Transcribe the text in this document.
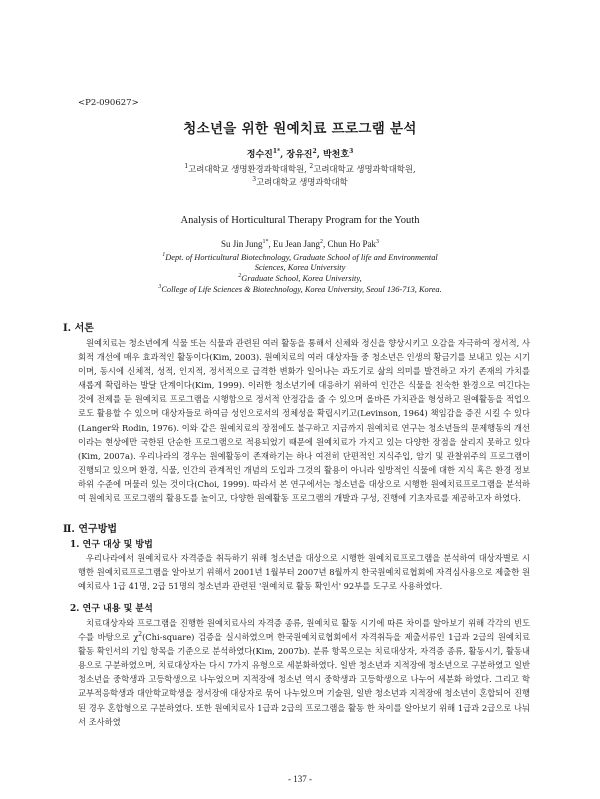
<P2-090627>
청소년을 위한 원예치료 프로그램 분석
정수진$^{1*}$, 장유진$^2$, 박천호$^3$
$^1$고려대학교 생명환경과학대학원, $^2$고려대학교 생명과학대학원,
$^3$고려대학교 생명과학대학
Analysis of Horticultural Therapy Program for the Youth
Su Jin Jung$^{1*}$, Eu Jean Jang$^2$, Chun Ho Pak$^3$
$^1$Dept. of Horticultural Biotechnology, Graduate School of life and Environmental
Sciences, Korea University
$^2$Graduate School, Korea University,
$^3$College of Life Sciences & Biotechnology, Korea University, Seoul 136-713, Korea.
Ⅰ. 서론
원예치료는 청소년에게 식물 또는 식물과 관련된 여러 활동을 통해서 신체와 정신을 향상시키고 오감을 자극하여 정서적, 사회적 개선에 매우 효과적인 활동이다(Kim, 2003). 원예치료의 여러 대상자들 중 청소년은 인생의 황금기를 보내고 있는 시기이며, 동시에 신체적, 성적, 인지적, 정서적으로 급격한 변화가 일어나는 과도기로 삶의 의미를 발견하고 자기 존재의 가치를 새롭게 확립하는 발달 단계이다(Kim, 1999). 이러한 청소년기에 대응하기 위하여 인간은 식물을 친숙한 환경으로 여긴다는 것에 전제를 둔 원예치료 프로그램을 시행함으로 정서적 안정감을 줄 수 있으며 올바른 가치관을 형성하고 원예활동을 적업으로도 활용할 수 있으며 대상자들로 하여금 성인으로서의 정체성을 확립시키고(Levinson, 1964) 책임감을 증진 시킬 수 있다(Langer와 Rodin, 1976). 이와 같은 원예치료의 장점에도 불구하고 지금까지 원예치료 연구는 청소년들의 문제행동의 개선이라는 현상에만 국한된 단순한 프로그램으로 적용되었기 때문에 원예치료가 가지고 있는 다양한 장점을 살리지 못하고 있다(Kim, 2007a). 우리나라의 경우는 원예활동이 존재하기는 하나 여전히 단편적인 지식주입, 암기 및 관찰위주의 프로그램이 진행되고 있으며 환경, 식물, 인간의 관계적인 개념의 도입과 그것의 활용이 아니라 일방적인 식물에 대한 지식 혹은 환경 정보 하위 수준에 머물러 있는 것이다(Choi, 1999). 따라서 본 연구에서는 청소년을 대상으로 시행한 원예치료프로그램을 분석하여 원예치료 프로그램의 활용도를 높이고, 다양한 원예활동 프로그램의 개발과 구성, 진행에 기초자료를 제공하고자 하였다.
Ⅱ. 연구방법
1. 연구 대상 및 방법
우리나라에서 원예치료사 자격증을 취득하기 위해 청소년을 대상으로 시행한 원예치료프로그램을 분석하여 대상자별로 시행한 원예치료프로그램을 알아보기 위해서 2001년 1월부터 2007년 8월까지 한국원예치료협회에 자격심사용으로 제출한 원예치료사 1급 41명, 2급 51명의 청소년과 관련된 '원예치료 활동 확인서' 92부를 도구로 사용하였다.
2. 연구 내용 및 분석
치료대상자와 프로그램을 진행한 원예치료사의 자격증 종류, 원예치료 활동 시기에 따른 차이를 알아보기 위해 각각의 빈도수를 바탕으로 $\chi^2(Chi-square)$ 검증을 실시하였으며 한국원예치료협회에서 자격취득을 제출서류인 1급과 2급의 원예치료 활동 확인서의 기입 항목을 기준으로 분석하였다(Kim, 2007b). 분류 항목으로는 치료대상자, 자격증 종류, 활동시기, 활동내용으로 구분하였으며, 치료대상자는 다시 7가지 유형으로 세분화하였다. 일반 청소년과 지적장애 청소년으로 구분하였고 일반 청소년을 중학생과 고등학생으로 나누었으며 지적장애 청소년 역시 중학생과 고등학생으로 나누어 세분화 하였다. 그리고 학교부적응학생과 대안학교학생을 정서장애 대상자로 묶어 나누었으며 기술원, 일반 청소년과 지적장애 청소년이 혼합되어 진행된 경우 혼합형으로 구분하였다. 또한 원예치료사 1급과 2급의 프로그램을 활동 한 차이를 알아보기 위해 1급과 2급으로 나눠서 조사하였
- 137 -
